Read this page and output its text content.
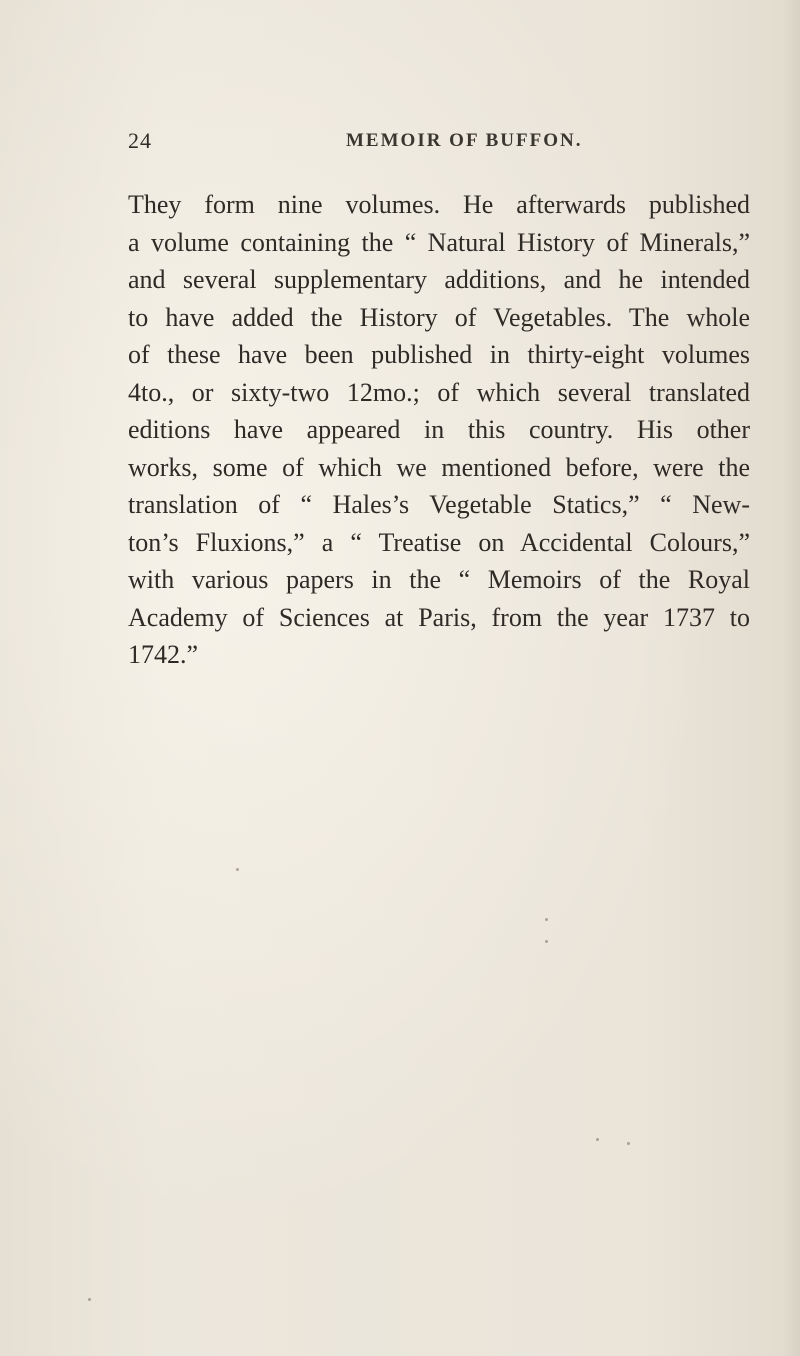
24	MEMOIR OF BUFFON.
They form nine volumes. He afterwards published
a volume containing the “ Natural History of Minerals,”
and several supplementary additions, and he intended
to have added the History of Vegetables. The whole
of these have been published in thirty-eight volumes
4to., or sixty-two 12mo.; of which several translated
editions have appeared in this country. His other
works, some of which we mentioned before, were the
translation of “ Hales’s Vegetable Statics,” “ New-
ton’s Fluxions,” a “ Treatise on Accidental Colours,”
with various papers in the “ Memoirs of the Royal
Academy of Sciences at Paris, from the year 1737 to
1742.”
